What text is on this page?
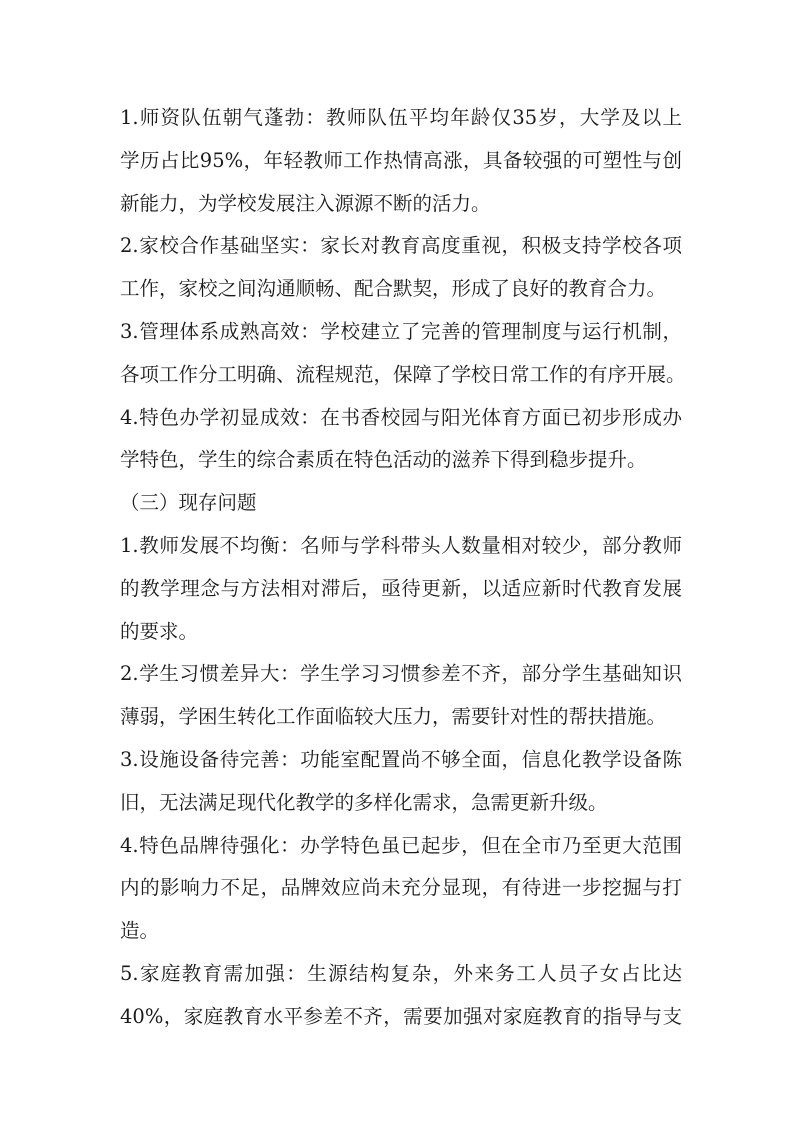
1.师资队伍朝气蓬勃：教师队伍平均年龄仅35岁，大学及以上
学历占比95%，年轻教师工作热情高涨，具备较强的可塑性与创
新能力，为学校发展注入源源不断的活力。
2.家校合作基础坚实：家长对教育高度重视，积极支持学校各项
工作，家校之间沟通顺畅、配合默契，形成了良好的教育合力。
3.管理体系成熟高效：学校建立了完善的管理制度与运行机制，
各项工作分工明确、流程规范，保障了学校日常工作的有序开展。
4.特色办学初显成效：在书香校园与阳光体育方面已初步形成办
学特色，学生的综合素质在特色活动的滋养下得到稳步提升。
（三）现存问题
1.教师发展不均衡：名师与学科带头人数量相对较少，部分教师
的教学理念与方法相对滞后，亟待更新，以适应新时代教育发展
的要求。
2.学生习惯差异大：学生学习习惯参差不齐，部分学生基础知识
薄弱，学困生转化工作面临较大压力，需要针对性的帮扶措施。
3.设施设备待完善：功能室配置尚不够全面，信息化教学设备陈
旧，无法满足现代化教学的多样化需求，急需更新升级。
4.特色品牌待强化：办学特色虽已起步，但在全市乃至更大范围
内的影响力不足，品牌效应尚未充分显现，有待进一步挖掘与打
造。
5.家庭教育需加强：生源结构复杂，外来务工人员子女占比达
40%，家庭教育水平参差不齐，需要加强对家庭教育的指导与支
